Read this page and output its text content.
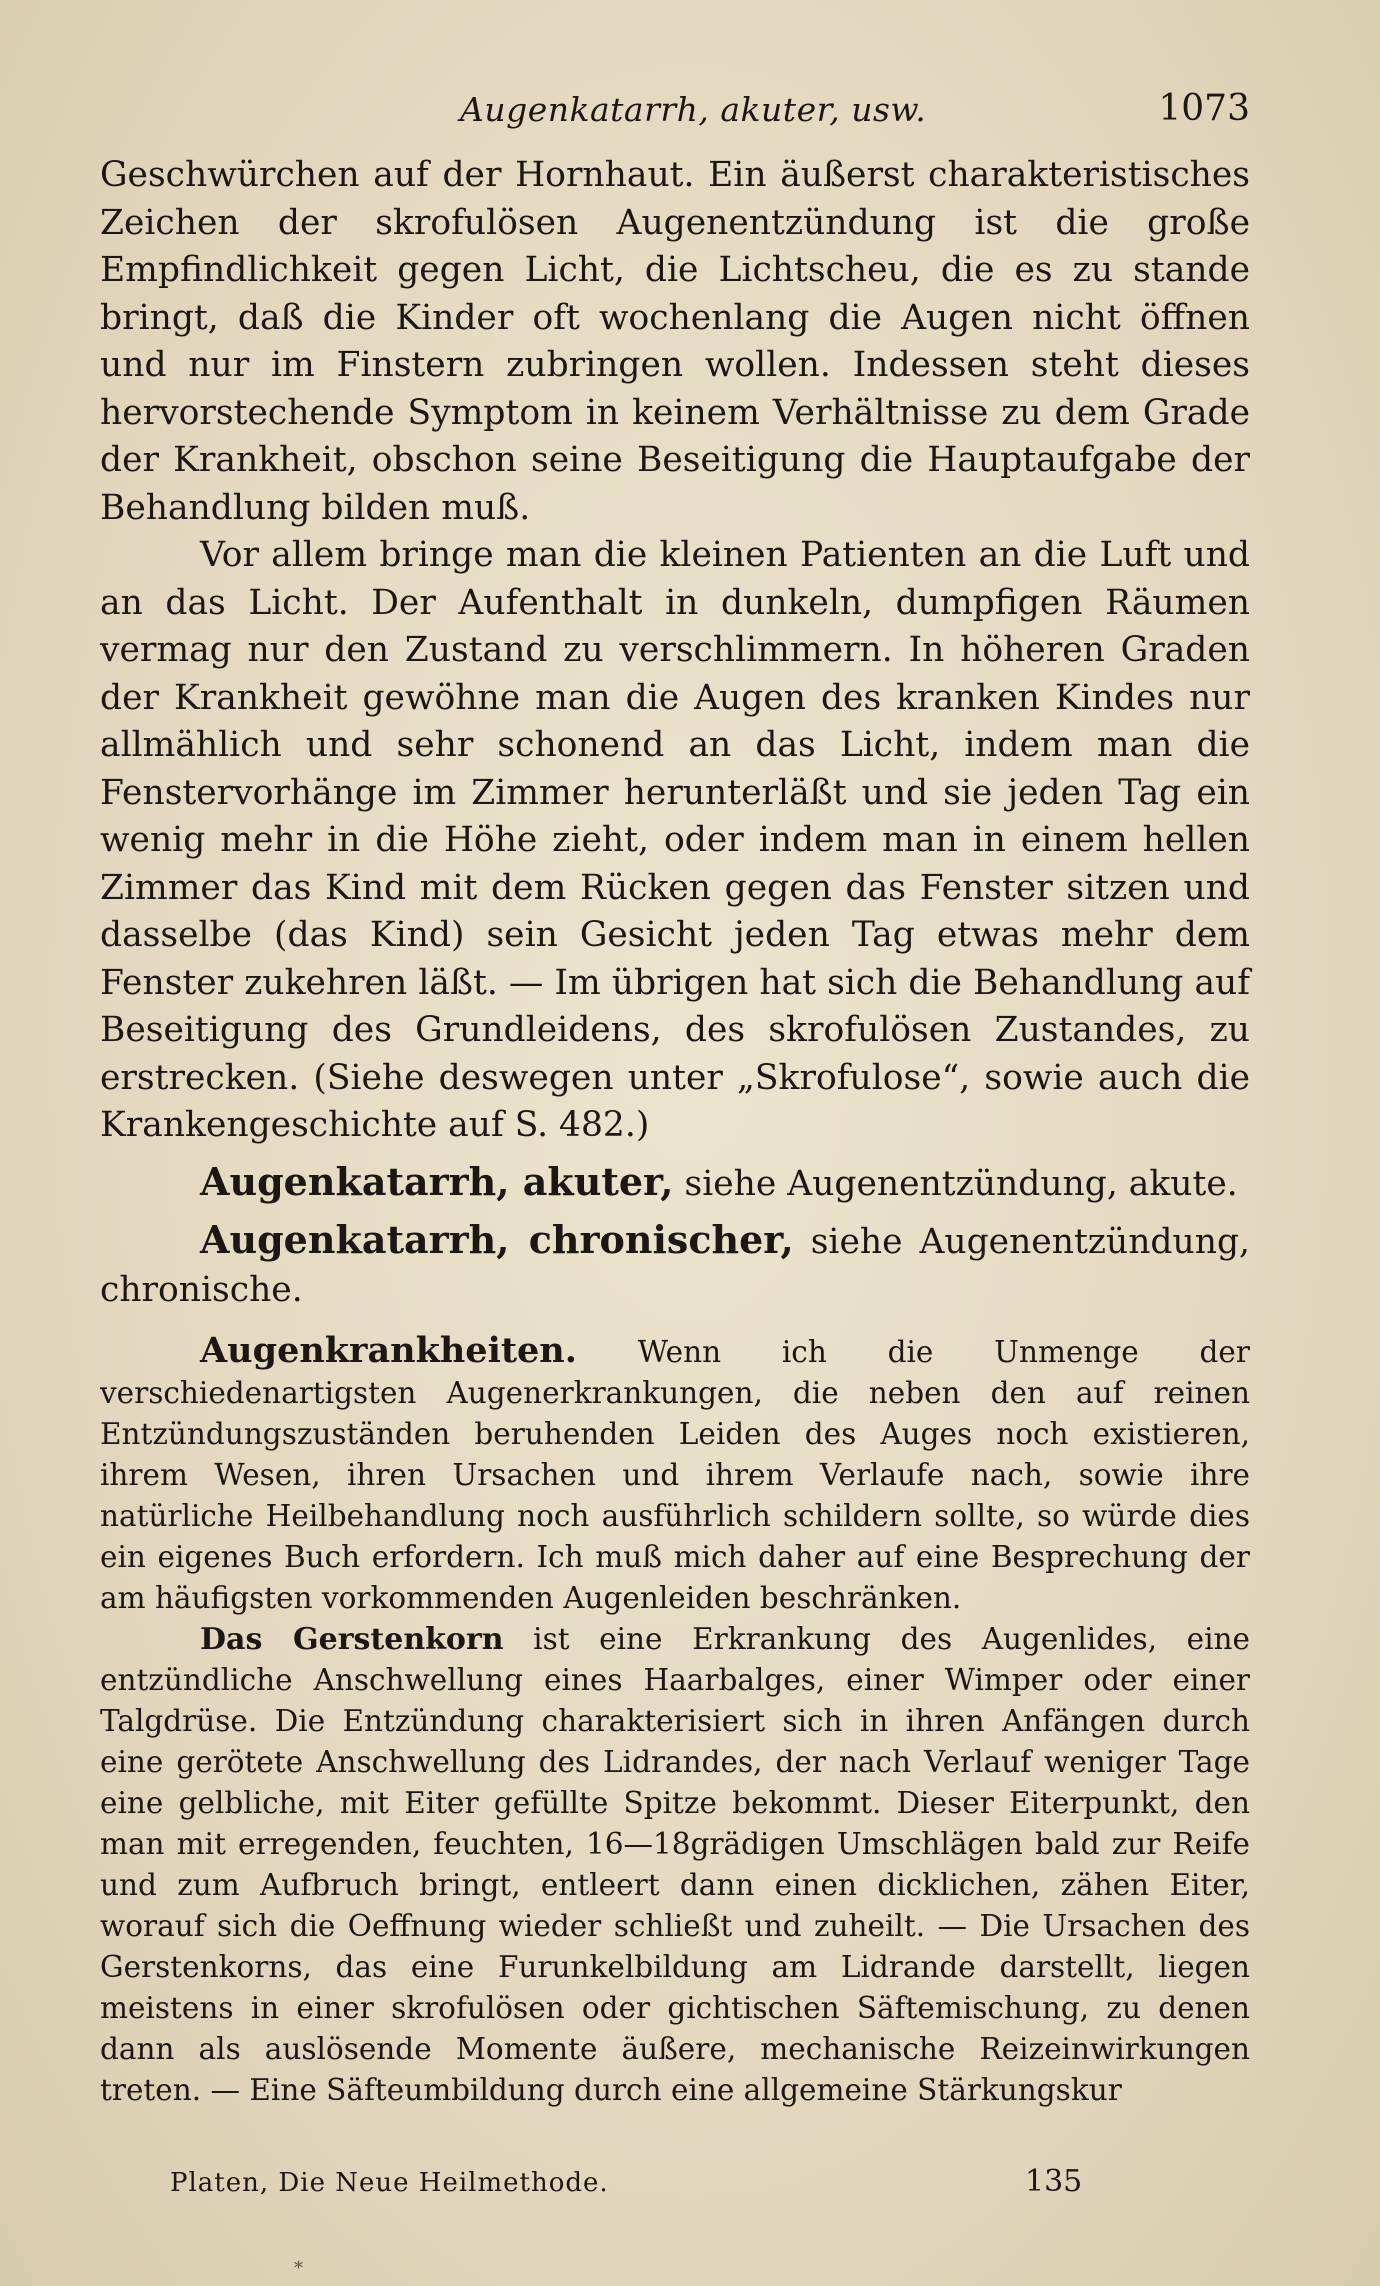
Augenkatarrh, akuter, usw.	1073

Geschwürchen auf der Hornhaut. Ein äußerst charakteristisches Zeichen der skrofulösen Augenentzündung ist die große Empfindlichkeit gegen Licht, die Lichtscheu, die es zu stande bringt, daß die Kinder oft wochenlang die Augen nicht öffnen und nur im Finstern zubringen wollen. Indessen steht dieses hervorstechende Symptom in keinem Verhältnisse zu dem Grade der Krankheit, obschon seine Beseitigung die Hauptaufgabe der Behandlung bilden muß.

Vor allem bringe man die kleinen Patienten an die Luft und an das Licht. Der Aufenthalt in dunkeln, dumpfigen Räumen vermag nur den Zustand zu verschlimmern. In höheren Graden der Krankheit gewöhne man die Augen des kranken Kindes nur allmählich und sehr schonend an das Licht, indem man die Fenstervorhänge im Zimmer herunterläßt und sie jeden Tag ein wenig mehr in die Höhe zieht, oder indem man in einem hellen Zimmer das Kind mit dem Rücken gegen das Fenster sitzen und dasselbe (das Kind) sein Gesicht jeden Tag etwas mehr dem Fenster zukehren läßt. — Im übrigen hat sich die Behandlung auf Beseitigung des Grundleidens, des skrofulösen Zustandes, zu erstrecken. (Siehe deswegen unter „Skrofulose“, sowie auch die Krankengeschichte auf S. 482.)

Augenkatarrh, akuter, siehe Augenentzündung, akute.

Augenkatarrh, chronischer, siehe Augenentzündung, chronische.

Augenkrankheiten. Wenn ich die Unmenge der verschiedenartigsten Augenerkrankungen, die neben den auf reinen Entzündungszuständen beruhenden Leiden des Auges noch existieren, ihrem Wesen, ihren Ursachen und ihrem Verlaufe nach, sowie ihre natürliche Heilbehandlung noch ausführlich schildern sollte, so würde dies ein eigenes Buch erfordern. Ich muß mich daher auf eine Besprechung der am häufigsten vorkommenden Augenleiden beschränken.

Das Gerstenkorn ist eine Erkrankung des Augenlides, eine entzündliche Anschwellung eines Haarbalges, einer Wimper oder einer Talgdrüse. Die Entzündung charakterisiert sich in ihren Anfängen durch eine gerötete Anschwellung des Lidrandes, der nach Verlauf weniger Tage eine gelbliche, mit Eiter gefüllte Spitze bekommt. Dieser Eiterpunkt, den man mit erregenden, feuchten, 16—18grädigen Umschlägen bald zur Reife und zum Aufbruch bringt, entleert dann einen dicklichen, zähen Eiter, worauf sich die Oeffnung wieder schließt und zuheilt. — Die Ursachen des Gerstenkorns, das eine Furunkelbildung am Lidrande darstellt, liegen meistens in einer skrofulösen oder gichtischen Säftemischung, zu denen dann als auslösende Momente äußere, mechanische Reizeinwirkungen treten. — Eine Säfteumbildung durch eine allgemeine Stärkungskur

Platen, Die Neue Heilmethode.	135
*
